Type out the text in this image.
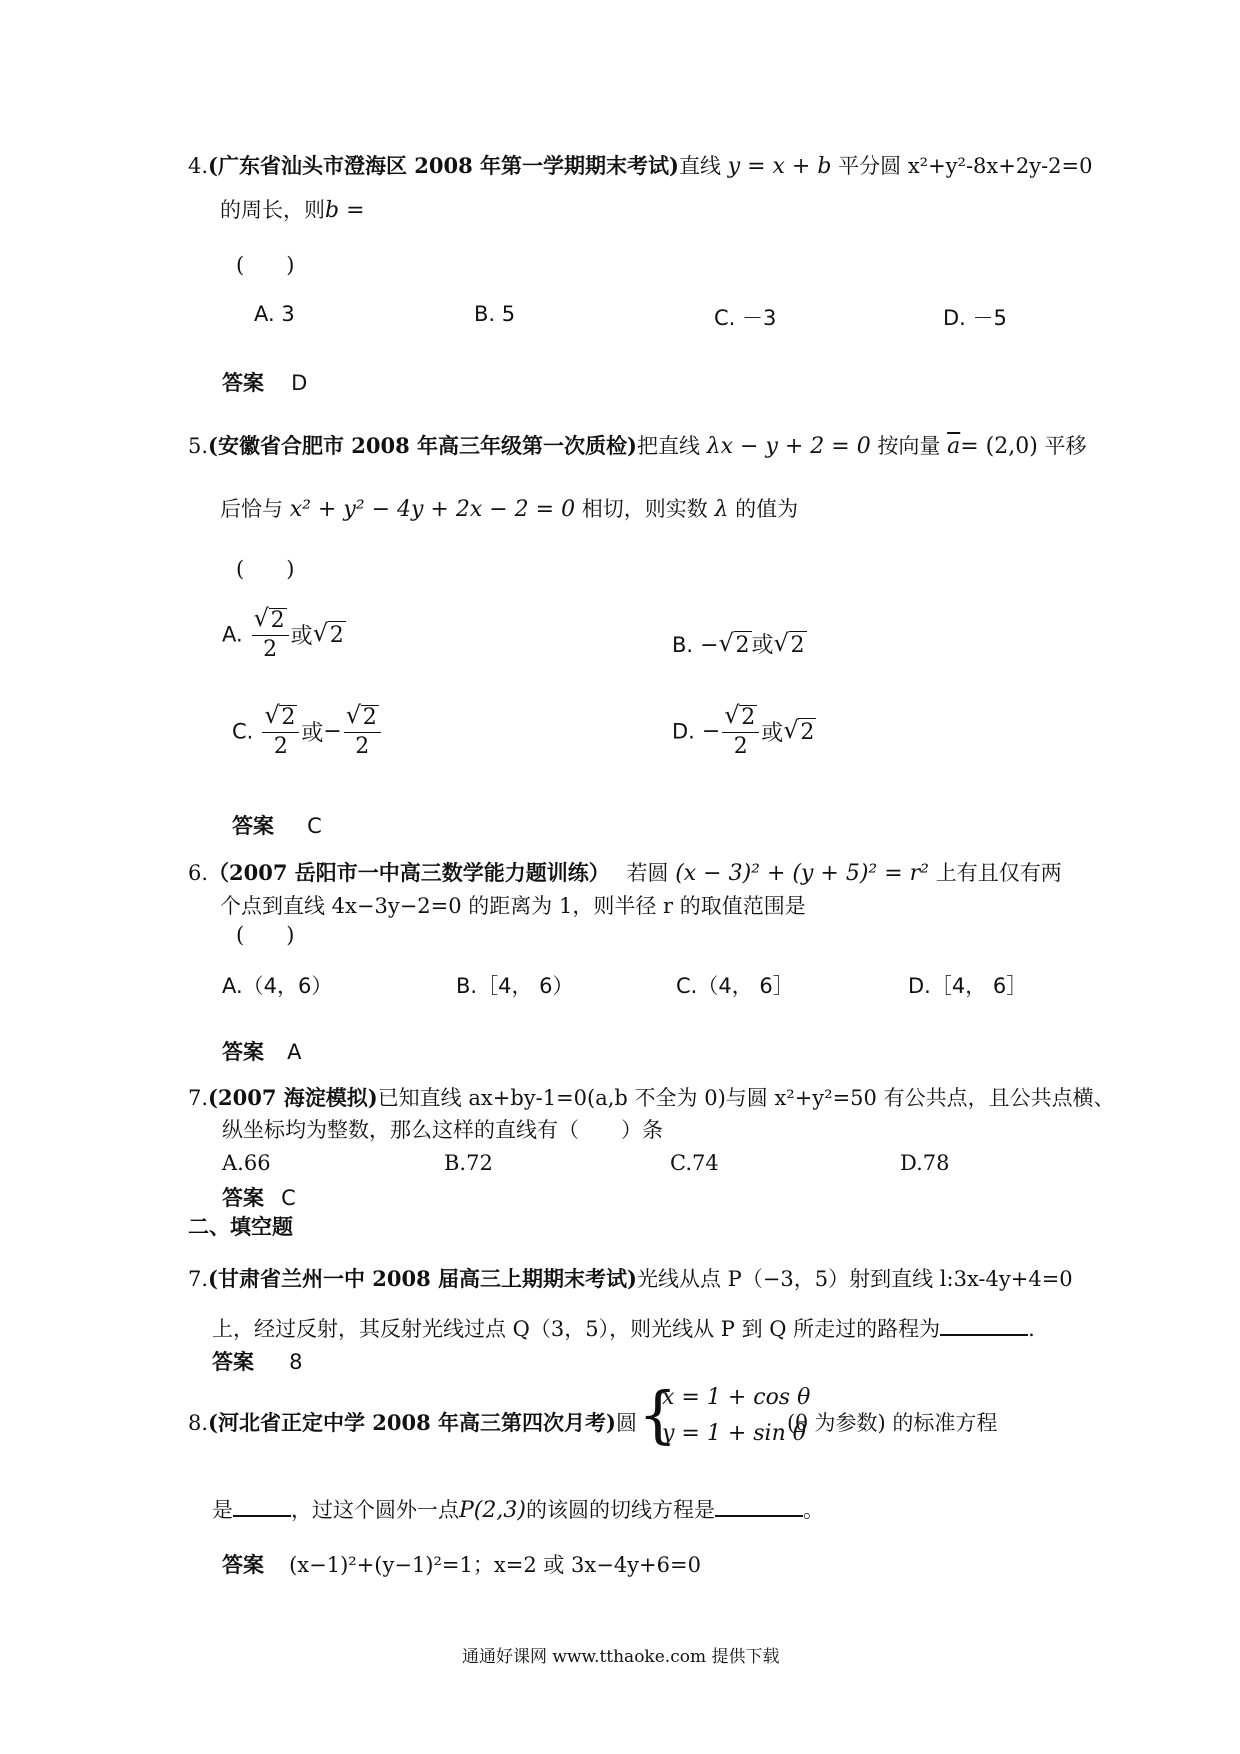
4.(广东省汕头市澄海区 2008 年第一学期期末考试)直线 y = x + b 平分圆 x²+y²-8x+2y-2=0
的周长，则b =
(　　)
A. 3	B. 5	C. －3	D. －5
答案 D
5.(安徽省合肥市 2008 年高三年级第一次质检)把直线 λx − y + 2 = 0 按向量 $\overline{a}= (2,0)$ 平移
后恰与 x² + y² − 4y + 2x − 2 = 0 相切，则实数 λ 的值为
(　　)
A. $\frac{√ 2}{2}$ 或 √ 2	B. − √ 2或 √ 2
C. $\frac{√ 2}{2}$ 或− $\frac{√ 2}{2}$	D. − $\frac{√ 2}{2}$ 或 √ 2
答案 C
6.（2007 岳阳市一中高三数学能力题训练） 若圆 (x − 3)² + (y + 5)² = r² 上有且仅有两
个点到直线 4x−3y−2=0 的距离为 1，则半径 r 的取值范围是
(　　)
A.（4，6）	B.［4， 6）	C.（4， 6］	D.［4， 6］
答案 A
7.(2007 海淀模拟)已知直线 ax+by-1=0(a,b 不全为 0)与圆 x²+y²=50 有公共点，且公共点横、
纵坐标均为整数，那么这样的直线有（　　）条
A.66	B.72	C.74	D.78
答案 C
二、填空题
7.(甘肃省兰州一中 2008 届高三上期期末考试)光线从点 P（−3，5）射到直线 l:3x-4y+4=0
上，经过反射，其反射光线过点 Q（3，5），则光线从 P 到 Q 所走过的路程为	.
答案 8
8.(河北省正定中学 2008 年高三第四次月考)圆 {
x = 1 + cos θ
y = 1 + sin θ
(θ 为参数) 的标准方程
是	，过这个圆外一点P(2,3)的该圆的切线方程是	。
答案 (x−1)²+(y−1)²=1；x=2 或 3x−4y+6=0
通通好课网 www.tthaoke.com 提供下载
